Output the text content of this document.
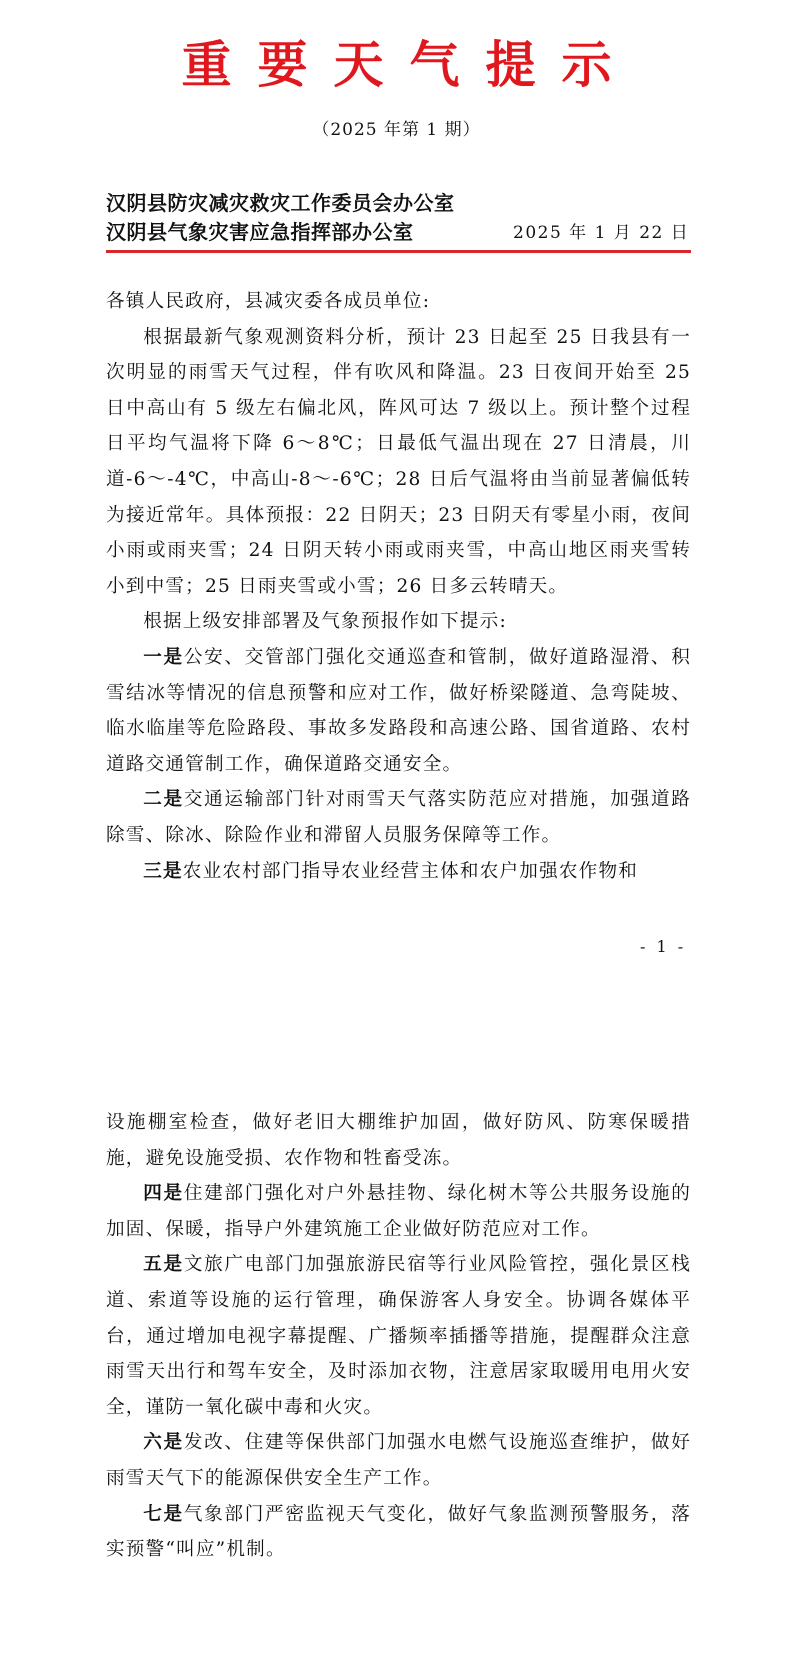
重要天气提示
（2025 年第 1 期）
汉阴县防灾减灾救灾工作委员会办公室
汉阴县气象灾害应急指挥部办公室	2025 年 1 月 22 日

各镇人民政府，县减灾委各成员单位:

根据最新气象观测资料分析，预计 23 日起至 25 日我县有一次明显的雨雪天气过程，伴有吹风和降温。23 日夜间开始至 25 日中高山有 5 级左右偏北风，阵风可达 7 级以上。预计整个过程日平均气温将下降 6～8℃；日最低气温出现在 27 日清晨，川道-6～-4℃，中高山-8～-6℃；28 日后气温将由当前显著偏低转为接近常年。具体预报：22 日阴天；23 日阴天有零星小雨，夜间小雨或雨夹雪；24 日阴天转小雨或雨夹雪，中高山地区雨夹雪转小到中雪；25 日雨夹雪或小雪；26 日多云转晴天。

根据上级安排部署及气象预报作如下提示:

一是公安、交管部门强化交通巡查和管制，做好道路湿滑、积雪结冰等情况的信息预警和应对工作，做好桥梁隧道、急弯陡坡、临水临崖等危险路段、事故多发路段和高速公路、国省道路、农村道路交通管制工作，确保道路交通安全。

二是交通运输部门针对雨雪天气落实防范应对措施，加强道路除雪、除冰、除险作业和滞留人员服务保障等工作。

三是农业农村部门指导农业经营主体和农户加强农作物和

- 1 -

设施棚室检查，做好老旧大棚维护加固，做好防风、防寒保暖措施，避免设施受损、农作物和牲畜受冻。

四是住建部门强化对户外悬挂物、绿化树木等公共服务设施的加固、保暖，指导户外建筑施工企业做好防范应对工作。

五是文旅广电部门加强旅游民宿等行业风险管控，强化景区栈道、索道等设施的运行管理，确保游客人身安全。协调各媒体平台，通过增加电视字幕提醒、广播频率插播等措施，提醒群众注意雨雪天出行和驾车安全，及时添加衣物，注意居家取暖用电用火安全，谨防一氧化碳中毒和火灾。

六是发改、住建等保供部门加强水电燃气设施巡查维护，做好雨雪天气下的能源保供安全生产工作。

七是气象部门严密监视天气变化，做好气象监测预警服务，落实预警“叫应”机制。
